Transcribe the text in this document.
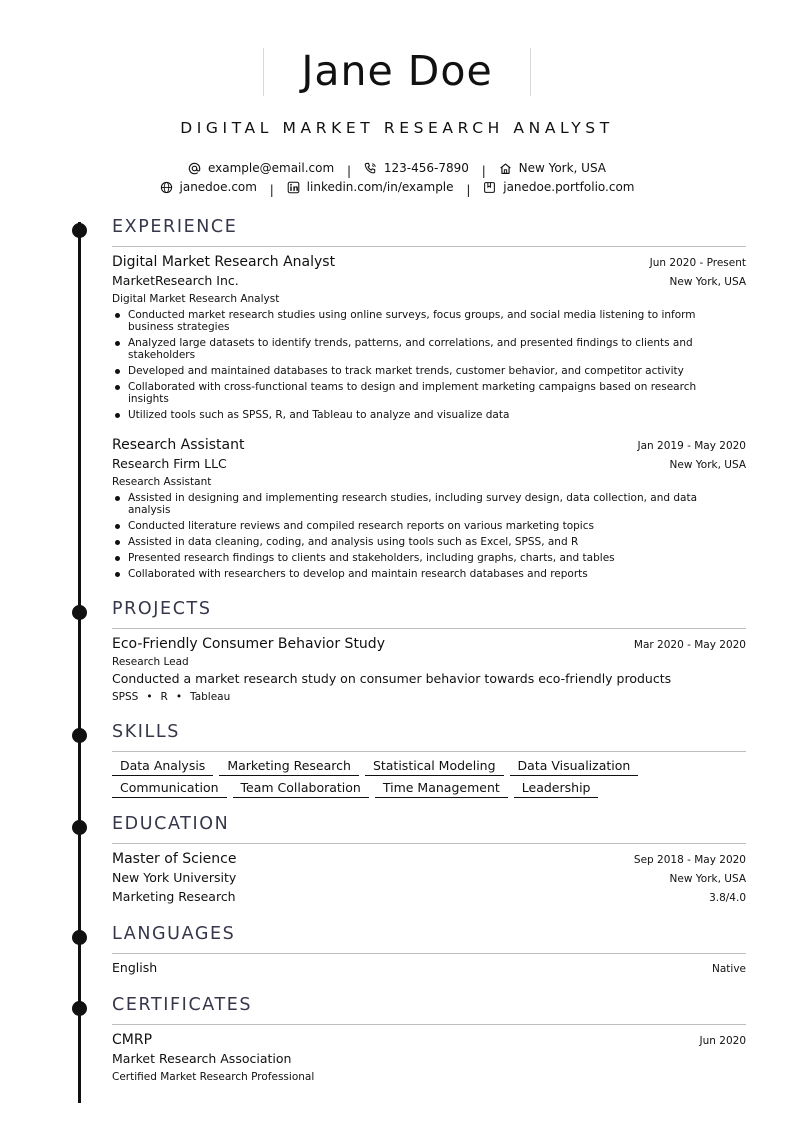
Jane Doe
DIGITAL MARKET RESEARCH ANALYST
example@email.com |	123-456-7890 |	New York, USA
janedoe.com |	linkedin.com/in/example |	janedoe.portfolio.com
EXPERIENCE
Digital Market Research Analyst	Jun 2020 - Present
MarketResearch Inc.	New York, USA
Digital Market Research Analyst
Conducted market research studies using online surveys, focus groups, and social media listening to inform business strategies
Analyzed large datasets to identify trends, patterns, and correlations, and presented findings to clients and stakeholders
Developed and maintained databases to track market trends, customer behavior, and competitor activity
Collaborated with cross-functional teams to design and implement marketing campaigns based on research insights
Utilized tools such as SPSS, R, and Tableau to analyze and visualize data
Research Assistant	Jan 2019 - May 2020
Research Firm LLC	New York, USA
Research Assistant
Assisted in designing and implementing research studies, including survey design, data collection, and data analysis
Conducted literature reviews and compiled research reports on various marketing topics
Assisted in data cleaning, coding, and analysis using tools such as Excel, SPSS, and R
Presented research findings to clients and stakeholders, including graphs, charts, and tables
Collaborated with researchers to develop and maintain research databases and reports
PROJECTS
Eco-Friendly Consumer Behavior Study	Mar 2020 - May 2020
Research Lead
Conducted a market research study on consumer behavior towards eco-friendly products
SPSS • R • Tableau
SKILLS
Data Analysis Marketing Research Statistical Modeling Data Visualization
Communication Team Collaboration Time Management Leadership
EDUCATION
Master of Science	Sep 2018 - May 2020
New York University	New York, USA
Marketing Research	3.8/4.0
LANGUAGES
English	Native
CERTIFICATES
CMRP	Jun 2020
Market Research Association
Certified Market Research Professional
